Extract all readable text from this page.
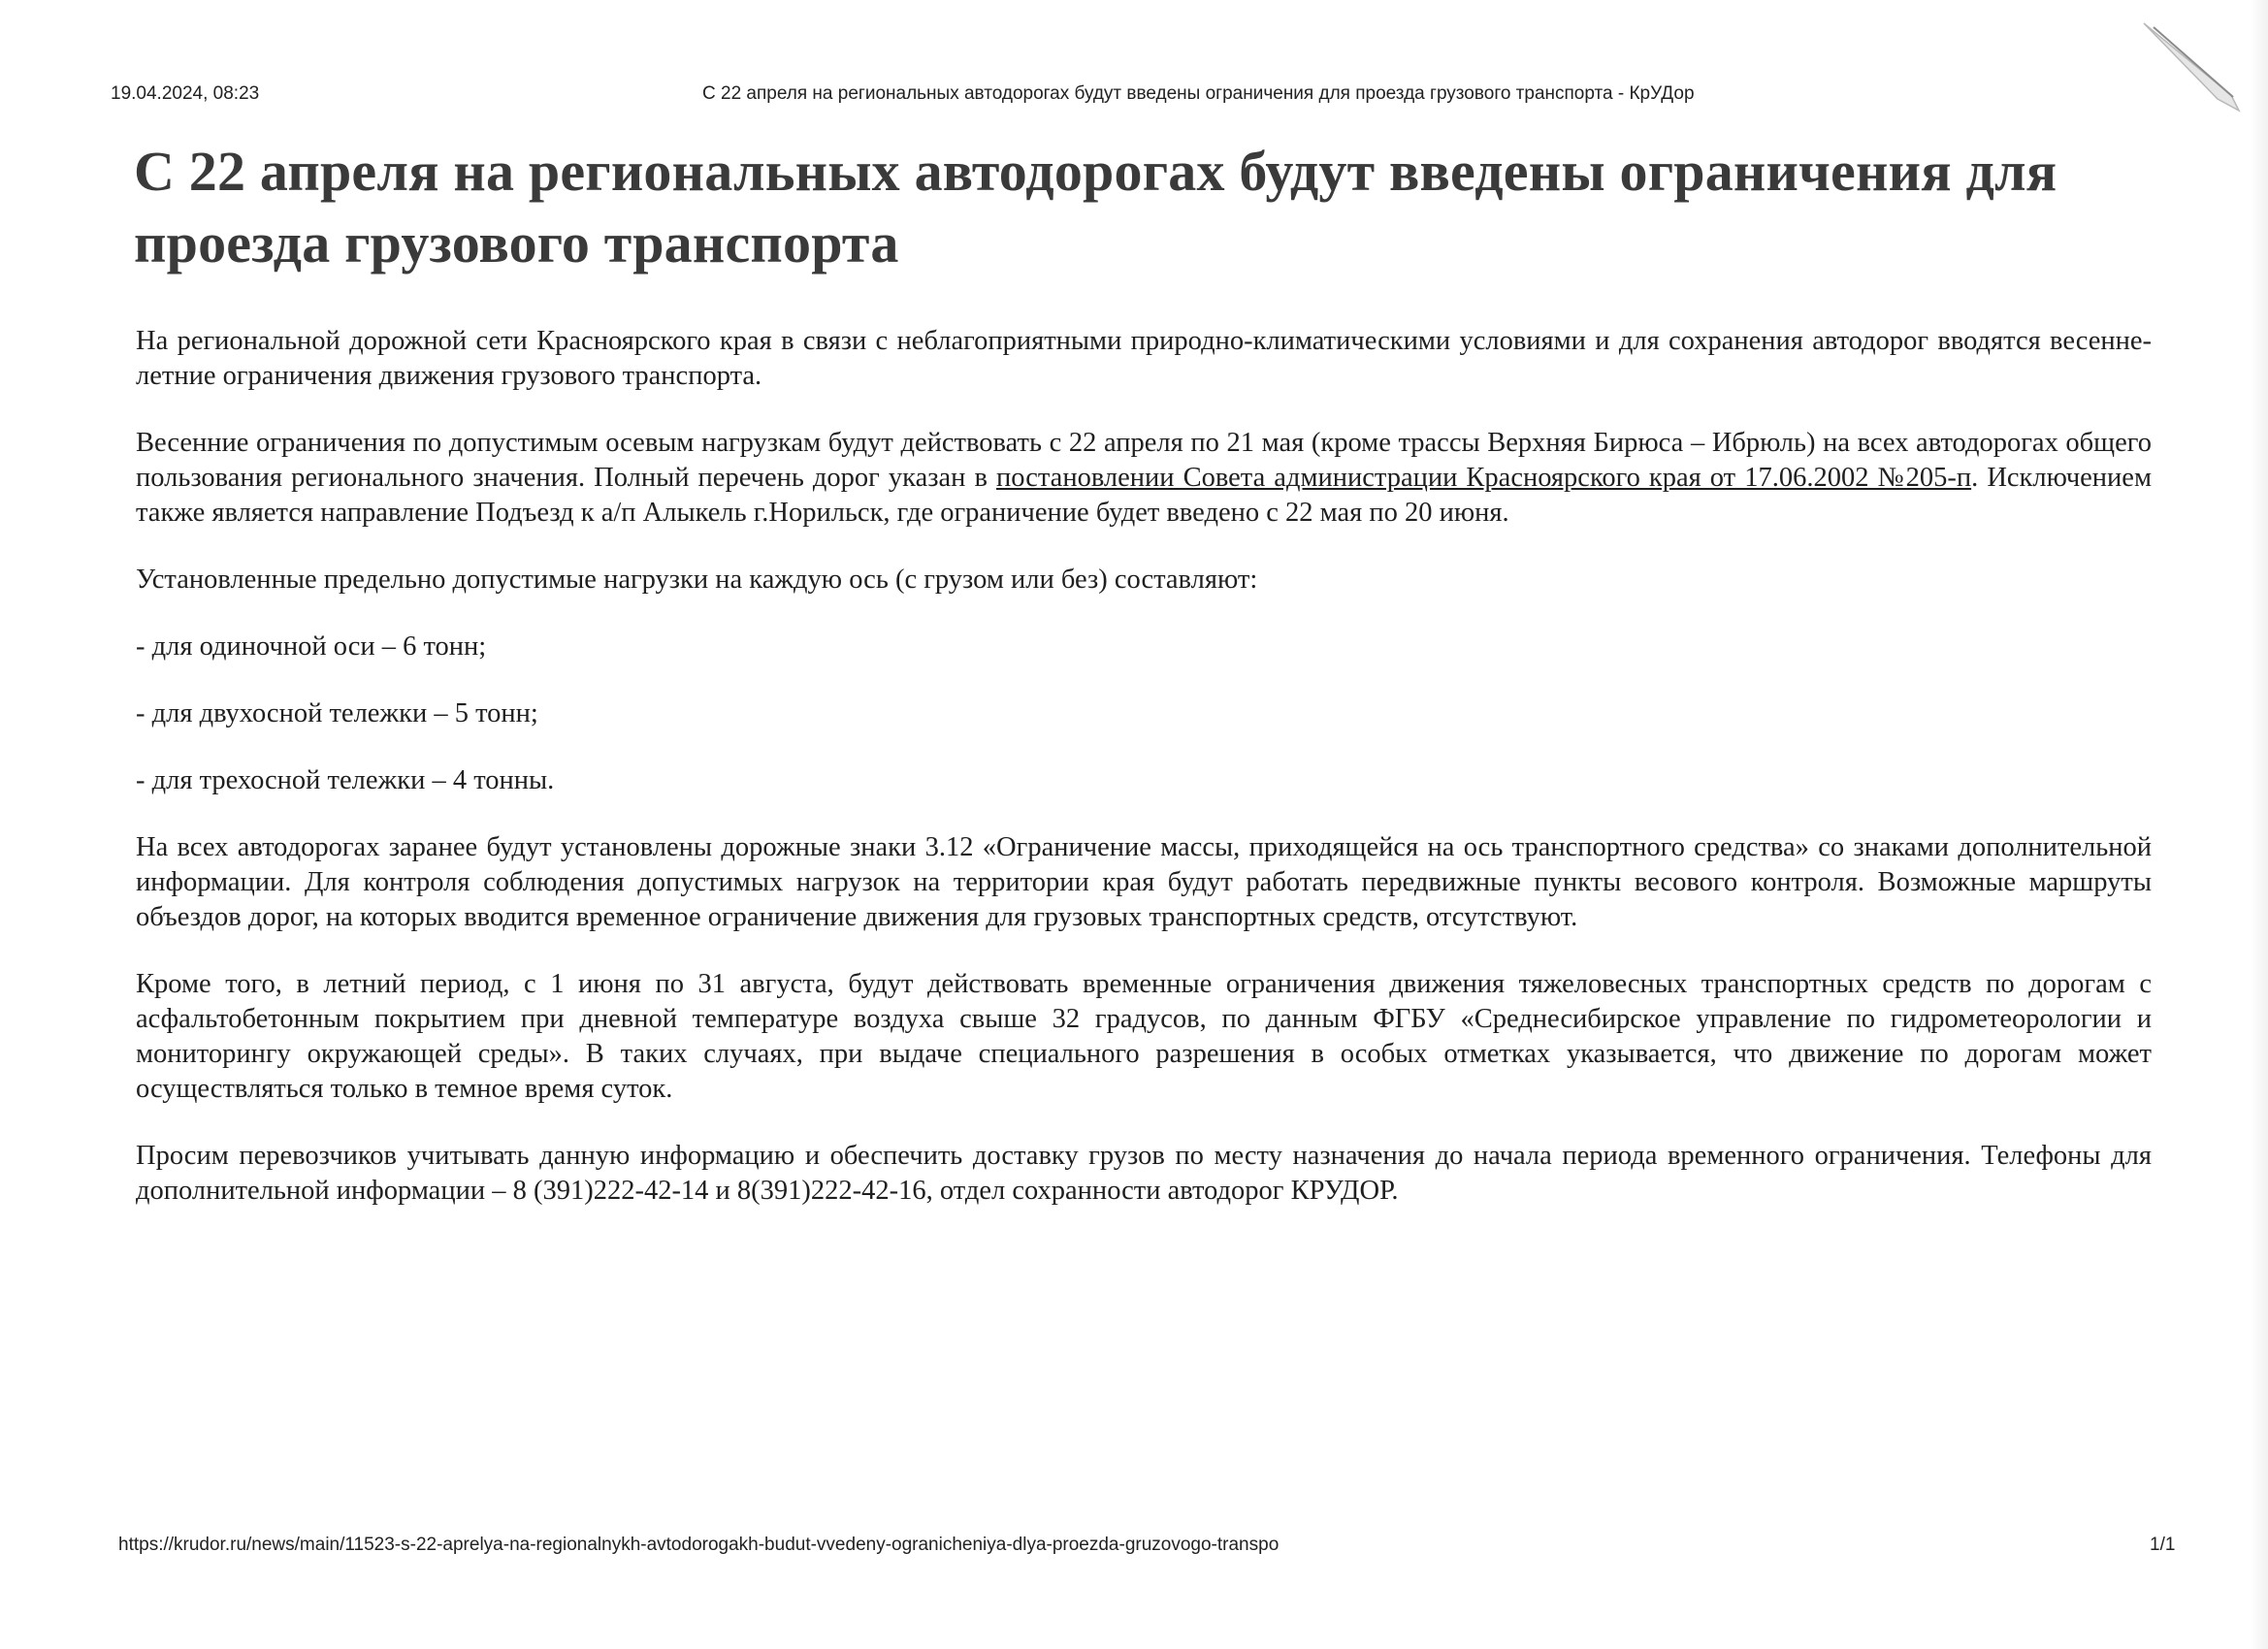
19.04.2024, 08:23	С 22 апреля на региональных автодорогах будут введены ограничения для проезда грузового транспорта - КрУДор
С 22 апреля на региональных автодорогах будут введены ограничения для проезда грузового транспорта

На региональной дорожной сети Красноярского края в связи с неблагоприятными природно-климатическими условиями и для сохранения автодорог вводятся весенне-летние ограничения движения грузового транспорта.

Весенние ограничения по допустимым осевым нагрузкам будут действовать с 22 апреля по 21 мая (кроме трассы Верхняя Бирюса – Ибрюль) на всех автодорогах общего пользования регионального значения. Полный перечень дорог указан в постановлении Совета администрации Красноярского края от 17.06.2002 №205-п. Исключением также является направление Подъезд к а/п Алыкель г.Норильск, где ограничение будет введено с 22 мая по 20 июня.

Установленные предельно допустимые нагрузки на каждую ось (с грузом или без) составляют:

- для одиночной оси – 6 тонн;

- для двухосной тележки – 5 тонн;

- для трехосной тележки – 4 тонны.

На всех автодорогах заранее будут установлены дорожные знаки 3.12 «Ограничение массы, приходящейся на ось транспортного средства» со знаками дополнительной информации. Для контроля соблюдения допустимых нагрузок на территории края будут работать передвижные пункты весового контроля. Возможные маршруты объездов дорог, на которых вводится временное ограничение движения для грузовых транспортных средств, отсутствуют.

Кроме того, в летний период, с 1 июня по 31 августа, будут действовать временные ограничения движения тяжеловесных транспортных средств по дорогам с асфальтобетонным покрытием при дневной температуре воздуха свыше 32 градусов, по данным ФГБУ «Среднесибирское управление по гидрометеорологии и мониторингу окружающей среды». В таких случаях, при выдаче специального разрешения в особых отметках указывается, что движение по дорогам может осуществляться только в темное время суток.

Просим перевозчиков учитывать данную информацию и обеспечить доставку грузов по месту назначения до начала периода временного ограничения. Телефоны для дополнительной информации – 8 (391)222-42-14 и 8(391)222-42-16, отдел сохранности автодорог КРУДОР.

https://krudor.ru/news/main/11523-s-22-aprelya-na-regionalnykh-avtodorogakh-budut-vvedeny-ogranicheniya-dlya-proezda-gruzovogo-transpo	1/1
